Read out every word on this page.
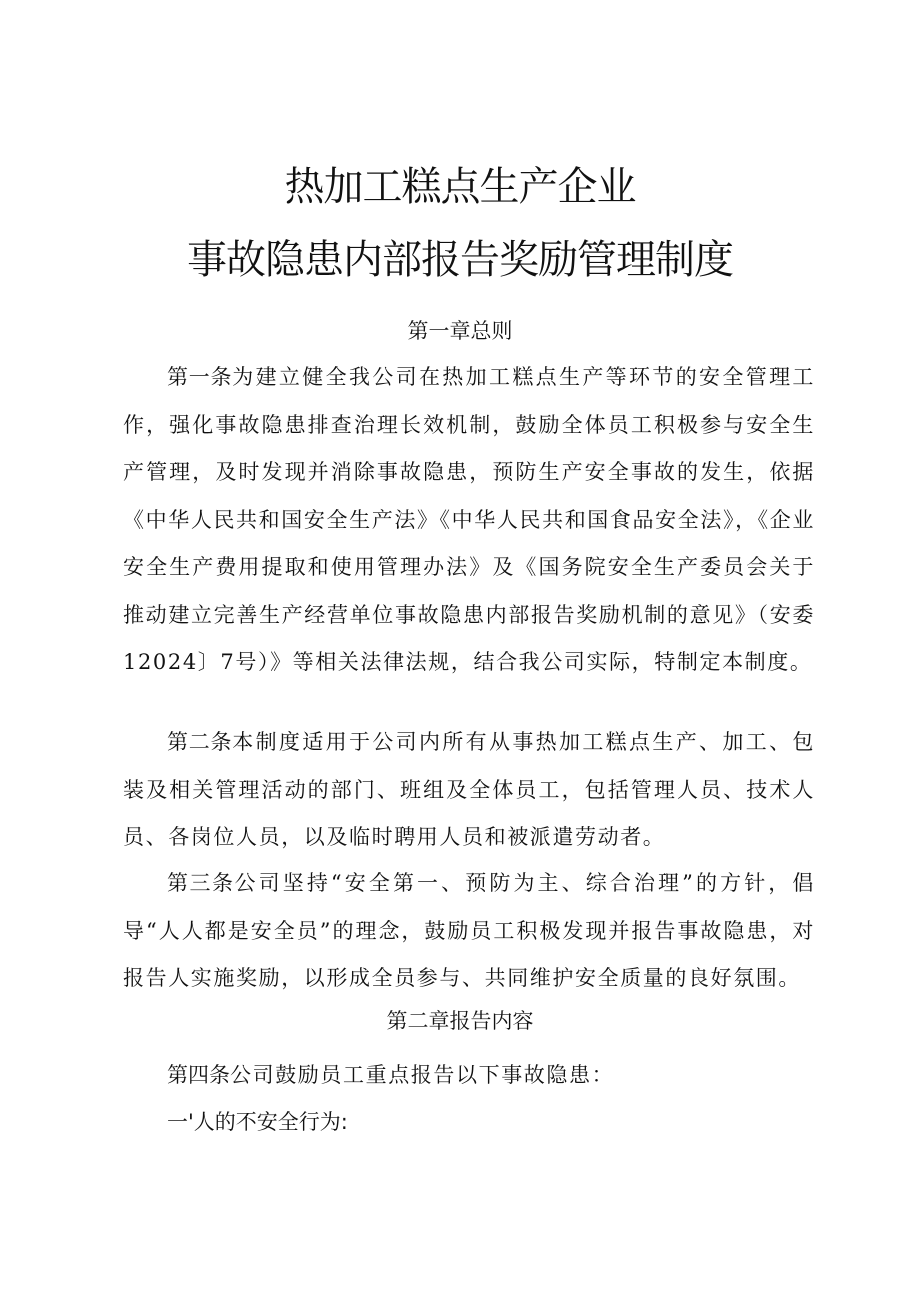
热加工糕点生产企业
事故隐患内部报告奖励管理制度
第一章总则

第一条为建立健全我公司在热加工糕点生产等环节的安全管理工作，强化事故隐患排查治理长效机制，鼓励全体员工积极参与安全生产管理，及时发现并消除事故隐患，预防生产安全事故的发生，依据《中华人民共和国安全生产法》《中华人民共和国食品安全法》，《企业安全生产费用提取和使用管理办法》及《国务院安全生产委员会关于推动建立完善生产经营单位事故隐患内部报告奖励机制的意见》（安委12024〕7号）》等相关法律法规，结合我公司实际，特制定本制度。

第二条本制度适用于公司内所有从事热加工糕点生产、加工、包装及相关管理活动的部门、班组及全体员工，包括管理人员、技术人员、各岗位人员，以及临时聘用人员和被派遣劳动者。

第三条公司坚持“安全第一、预防为主、综合治理”的方针，倡导“人人都是安全员”的理念，鼓励员工积极发现并报告事故隐患，对报告人实施奖励，以形成全员参与、共同维护安全质量的良好氛围。

第二章报告内容

第四条公司鼓励员工重点报告以下事故隐患：

一'人的不安全行为:
